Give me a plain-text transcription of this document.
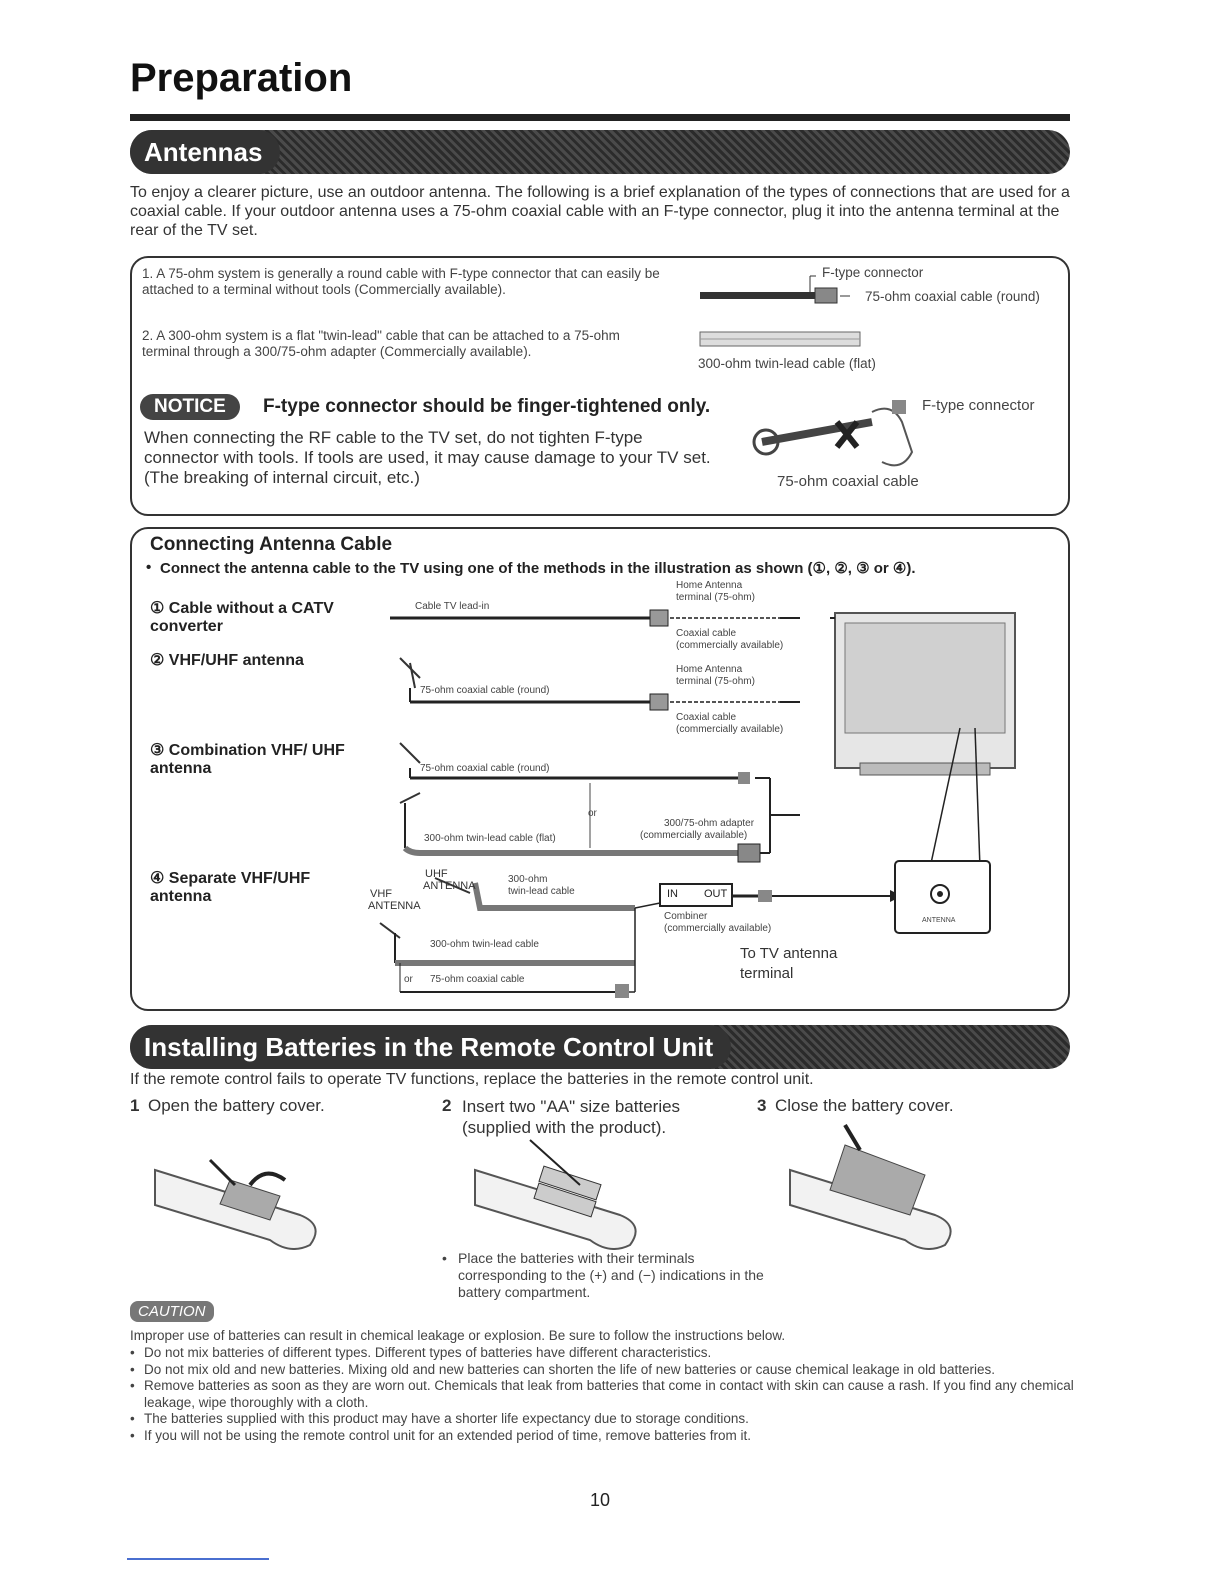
Preparation
Antennas
To enjoy a clearer picture, use an outdoor antenna. The following is a brief explanation of the types of connections that are used for a coaxial cable. If your outdoor antenna uses a 75-ohm coaxial cable with an F-type connector, plug it into the antenna terminal at the rear of the TV set.
1. A 75-ohm system is generally a round cable with F-type connector that can easily be attached to a terminal without tools (Commercially available).
2. A 300-ohm system is a flat "twin-lead" cable that can be attached to a 75-ohm terminal through a 300/75-ohm adapter (Commercially available).
F-type connector
75-ohm coaxial cable (round)
300-ohm twin-lead cable (flat)
NOTICE	F-type connector should be finger-tightened only.
When connecting the RF cable to the TV set, do not tighten F-type connector with tools. If tools are used, it may cause damage to your TV set. (The breaking of internal circuit, etc.)
F-type connector
75-ohm coaxial cable
Connecting Antenna Cable
• Connect the antenna cable to the TV using one of the methods in the illustration as shown (①, ②, ③ or ④).
① Cable without a CATV converter
② VHF/UHF antenna
③ Combination VHF/ UHF antenna
④ Separate VHF/UHF antenna
Cable TV lead-in
Home Antenna
terminal (75-ohm)
Coaxial cable
(commercially available)
Home Antenna
terminal (75-ohm)
75-ohm coaxial cable (round)
Coaxial cable
(commercially available)
75-ohm coaxial cable (round)
or
300/75-ohm adapter
(commercially available)
300-ohm twin-lead cable (flat)
UHF
ANTENNA
VHF
ANTENNA
300-ohm
twin-lead cable	IN OUT
Combiner
(commercially available)
300-ohm twin-lead cable
or 75-ohm coaxial cable
To TV antenna terminal
ANTENNA
Installing Batteries in the Remote Control Unit
If the remote control fails to operate TV functions, replace the batteries in the remote control unit.
1 Open the battery cover.	2 Insert two "AA" size batteries (supplied with the product).
3 Close the battery cover.
• Place the batteries with their terminals corresponding to the (+) and (−) indications in the battery compartment.
CAUTION
Improper use of batteries can result in chemical leakage or explosion. Be sure to follow the instructions below.
• Do not mix batteries of different types. Different types of batteries have different characteristics.
• Do not mix old and new batteries. Mixing old and new batteries can shorten the life of new batteries or cause chemical leakage in old batteries.
• Remove batteries as soon as they are worn out. Chemicals that leak from batteries that come in contact with skin can cause a rash. If you find any chemical leakage, wipe thoroughly with a cloth.
• The batteries supplied with this product may have a shorter life expectancy due to storage conditions.
• If you will not be using the remote control unit for an extended period of time, remove batteries from it.
10
